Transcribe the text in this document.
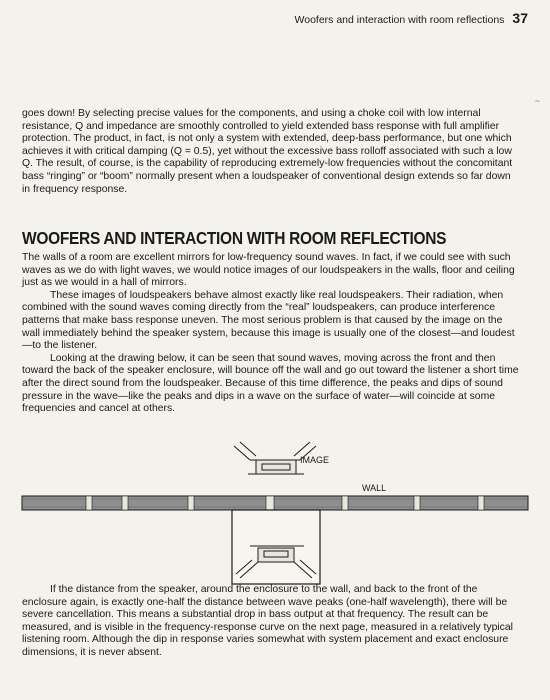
Woofers and interaction with room reflections 37
~

goes down! By selecting precise values for the components, and using a choke coil with low internal resistance, Q and impedance are smoothly controlled to yield extended bass response with full amplifier protection. The product, in fact, is not only a system with extended, deep-bass performance, but one which achieves it with critical damping (Q = 0.5), yet without the excessive bass rolloff associated with such a low Q. The result, of course, is the capability of reproducing extremely-low frequencies without the concomitant bass “ringing” or “boom” normally present when a loudspeaker of conventional design extends so far down in frequency response.

WOOFERS AND INTERACTION WITH ROOM REFLECTIONS

The walls of a room are excellent mirrors for low-frequency sound waves. In fact, if we could see with such waves as we do with light waves, we would notice images of our loudspeakers in the walls, floor and ceiling just as we would in a hall of mirrors.

These images of loudspeakers behave almost exactly like real loudspeakers. Their radiation, when combined with the sound waves coming directly from the “real” loudspeakers, can produce interference patterns that make bass response uneven. The most serious problem is that caused by the image on the wall immediately behind the speaker system, because this image is usually one of the closest—and loudest—to the listener.

Looking at the drawing below, it can be seen that sound waves, moving across the front and then toward the back of the speaker enclosure, will bounce off the wall and go out toward the listener a short time after the direct sound from the loudspeaker. Because of this time difference, the peaks and dips of sound pressure in the wave—like the peaks and dips in a wave on the surface of water—will coincide at some frequencies and cancel at others.

IMAGE
WALL

If the distance from the speaker, around the enclosure to the wall, and back to the front of the enclosure again, is exactly one-half the distance between wave peaks (one-half wavelength), there will be severe cancellation. This means a substantial drop in bass output at that frequency. The result can be measured, and is visible in the frequency-response curve on the next page, measured in a relatively typical listening room. Although the dip in response varies somewhat with system placement and exact enclosure dimensions, it is never absent.
